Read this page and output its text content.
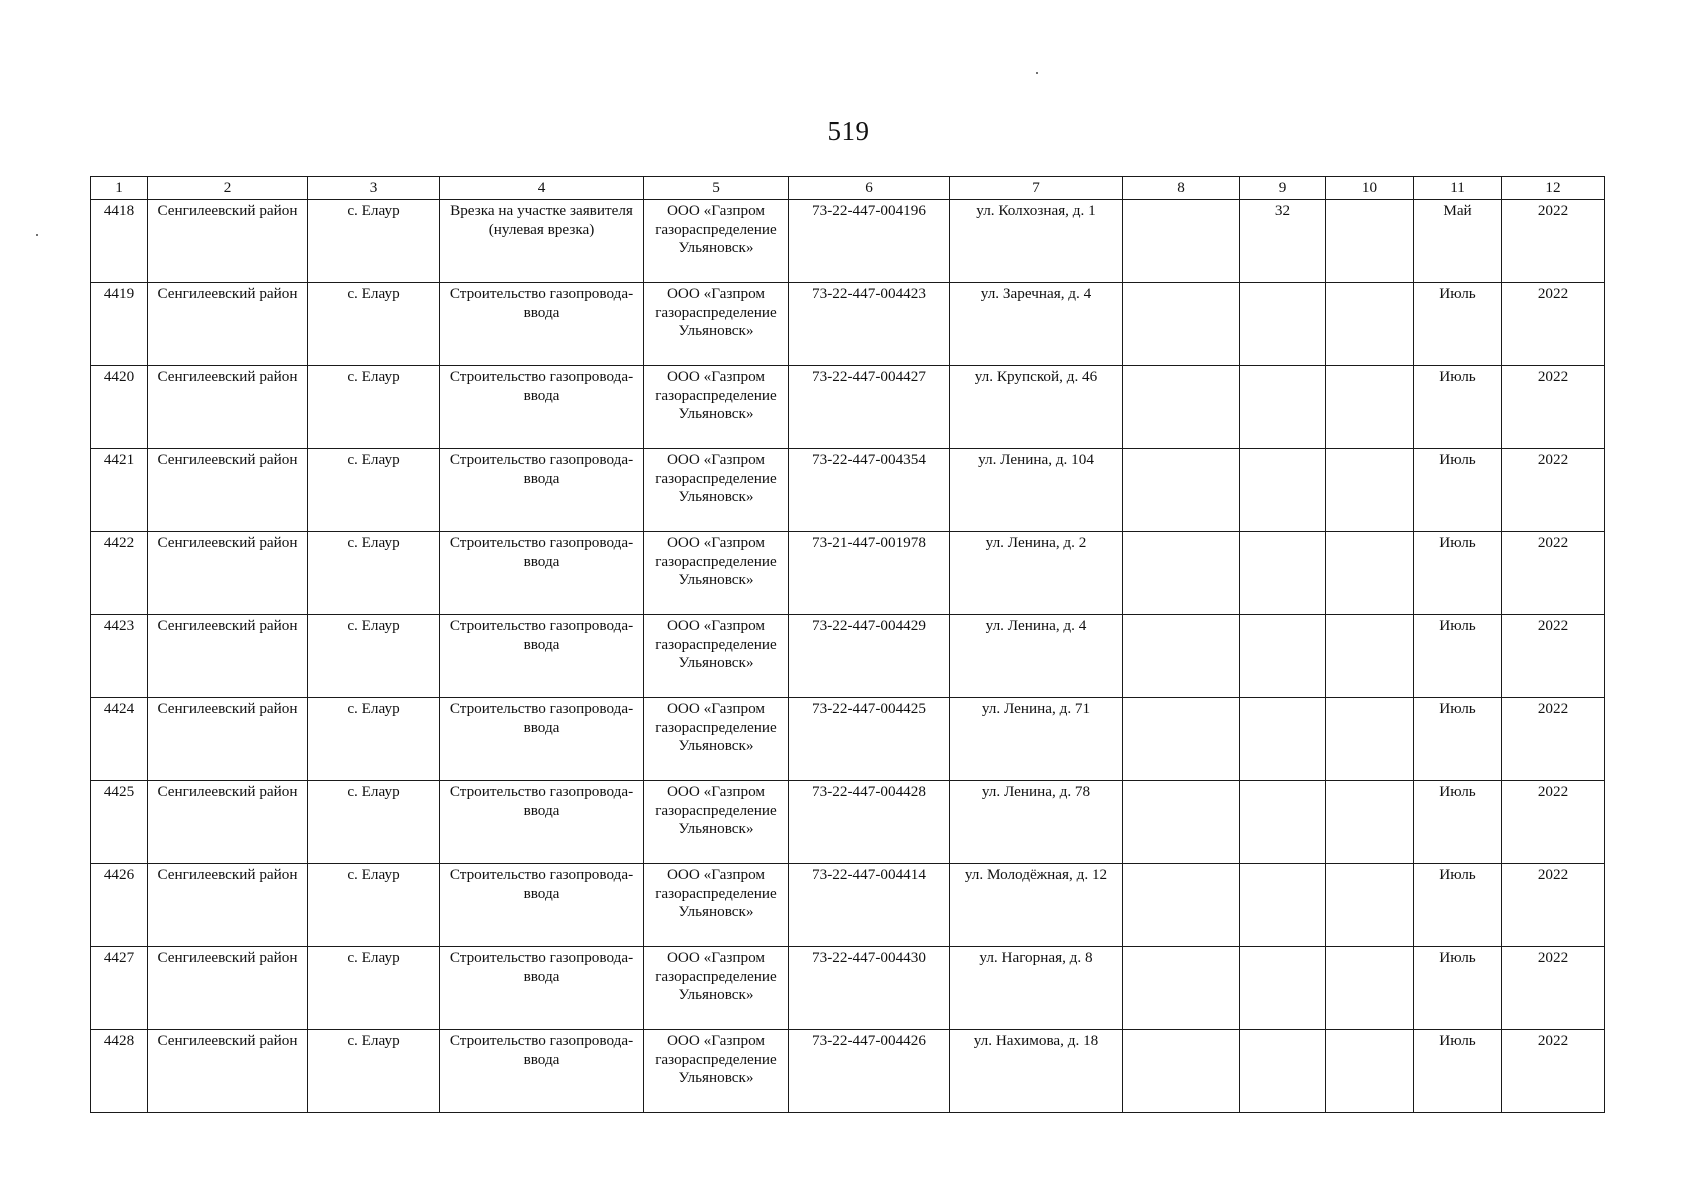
519
1	2	3	4	5	6	7	8	9	10	11	12
4418	Сенгилеевский район	с. Елаур	Врезка на участке заявителя (нулевая врезка)	ООО «Газпром газораспределение Ульяновск»	73-22-447-004196	ул. Колхозная, д. 1		32		Май	2022
4419	Сенгилеевский район	с. Елаур	Строительство газопровода-ввода	ООО «Газпром газораспределение Ульяновск»	73-22-447-004423	ул. Заречная, д. 4				Июль	2022
4420	Сенгилеевский район	с. Елаур	Строительство газопровода-ввода	ООО «Газпром газораспределение Ульяновск»	73-22-447-004427	ул. Крупской, д. 46				Июль	2022
4421	Сенгилеевский район	с. Елаур	Строительство газопровода-ввода	ООО «Газпром газораспределение Ульяновск»	73-22-447-004354	ул. Ленина, д. 104				Июль	2022
4422	Сенгилеевский район	с. Елаур	Строительство газопровода-ввода	ООО «Газпром газораспределение Ульяновск»	73-21-447-001978	ул. Ленина, д. 2				Июль	2022
4423	Сенгилеевский район	с. Елаур	Строительство газопровода-ввода	ООО «Газпром газораспределение Ульяновск»	73-22-447-004429	ул. Ленина, д. 4				Июль	2022
4424	Сенгилеевский район	с. Елаур	Строительство газопровода-ввода	ООО «Газпром газораспределение Ульяновск»	73-22-447-004425	ул. Ленина, д. 71				Июль	2022
4425	Сенгилеевский район	с. Елаур	Строительство газопровода-ввода	ООО «Газпром газораспределение Ульяновск»	73-22-447-004428	ул. Ленина, д. 78				Июль	2022
4426	Сенгилеевский район	с. Елаур	Строительство газопровода-ввода	ООО «Газпром газораспределение Ульяновск»	73-22-447-004414	ул. Молодёжная, д. 12				Июль	2022
4427	Сенгилеевский район	с. Елаур	Строительство газопровода-ввода	ООО «Газпром газораспределение Ульяновск»	73-22-447-004430	ул. Нагорная, д. 8				Июль	2022
4428	Сенгилеевский район	с. Елаур	Строительство газопровода-ввода	ООО «Газпром газораспределение Ульяновск»	73-22-447-004426	ул. Нахимова, д. 18				Июль	2022
